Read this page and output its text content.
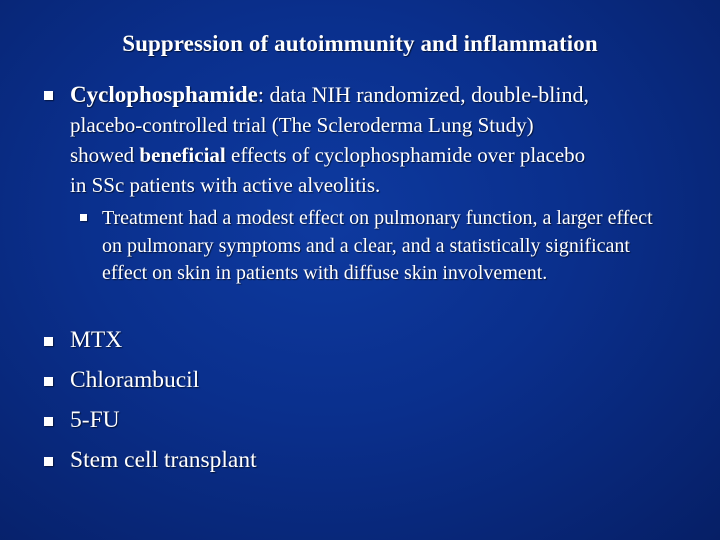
Suppression of autoimmunity and inflammation
Cyclophosphamide: data NIH randomized, double-blind,
placebo-controlled trial (The Scleroderma Lung Study)
showed beneficial effects of cyclophosphamide over placebo
in SSc patients with active alveolitis.
Treatment had a modest effect on pulmonary function, a larger effect on pulmonary symptoms and a clear, and a statistically significant effect on skin in patients with diffuse skin involvement.
MTX
Chlorambucil
5-FU
Stem cell transplant
